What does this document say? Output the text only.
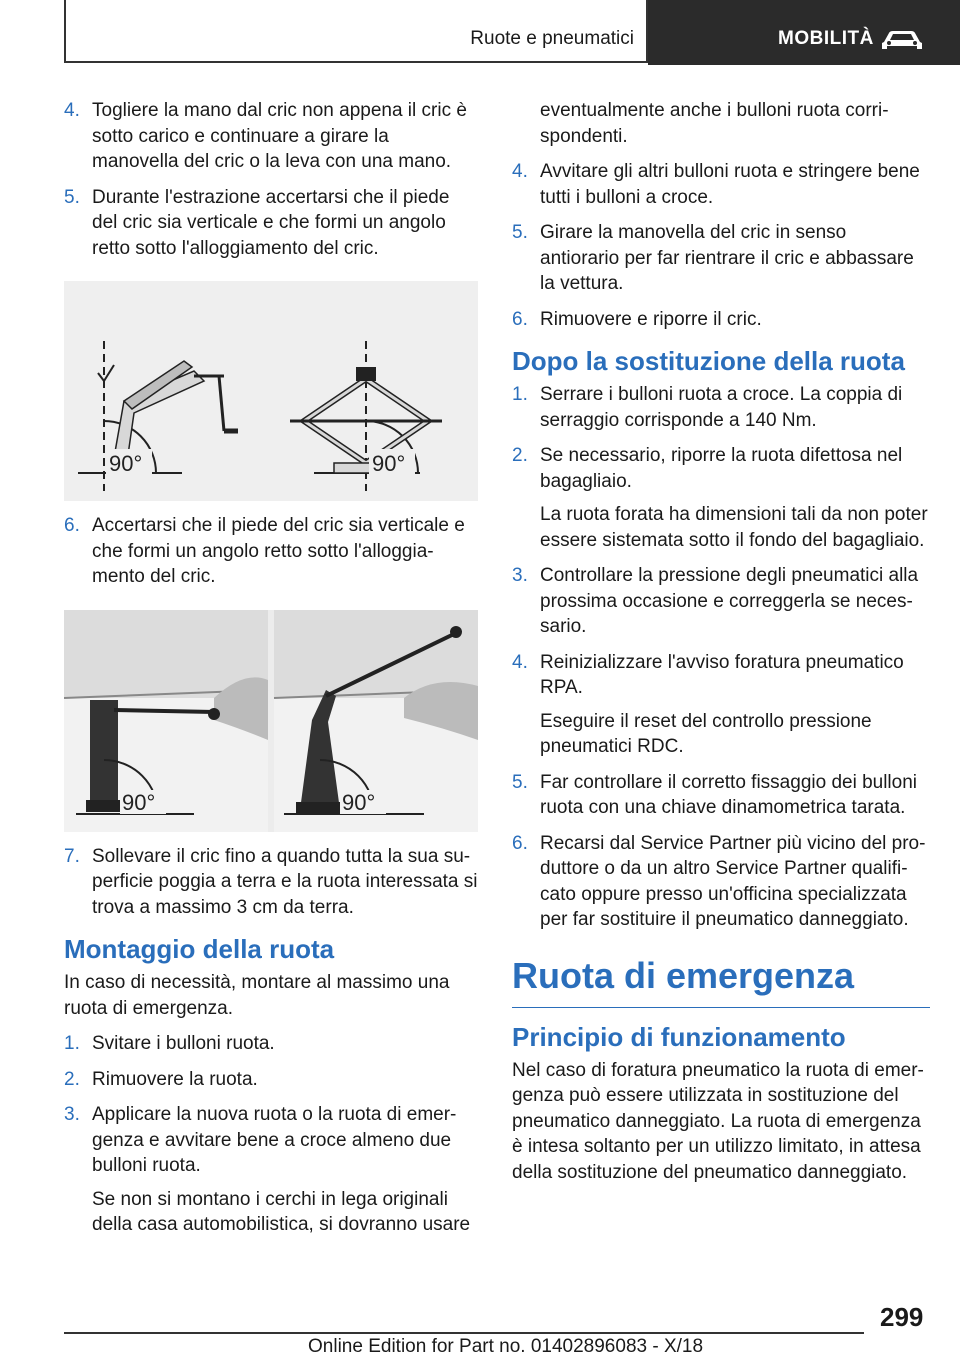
Ruote e pneumatici	MOBILITÀ
4. Togliere la mano dal cric non appena il cric è sotto carico e continuare a girare la manovella del cric o la leva con una mano.
5. Durante l'estrazione accertarsi che il piede del cric sia verticale e che formi un angolo retto sotto l'alloggiamento del cric.
90°	90°
6. Accertarsi che il piede del cric sia verticale e che formi un angolo retto sotto l'alloggiamento del cric.
90°	90°
7. Sollevare il cric fino a quando tutta la sua superficie poggia a terra e la ruota interessata si trova a massimo 3 cm da terra.
Montaggio della ruota
In caso di necessità, montare al massimo una ruota di emergenza.
1. Svitare i bulloni ruota.
2. Rimuovere la ruota.
3. Applicare la nuova ruota o la ruota di emergenza e avvitare bene a croce almeno due bulloni ruota.
Se non si montano i cerchi in lega originali della casa automobilistica, si dovranno usare
eventualmente anche i bulloni ruota corrispondenti.
4. Avvitare gli altri bulloni ruota e stringere bene tutti i bulloni a croce.
5. Girare la manovella del cric in senso antiorario per far rientrare il cric e abbassare la vettura.
6. Rimuovere e riporre il cric.
Dopo la sostituzione della ruota
1. Serrare i bulloni ruota a croce. La coppia di serraggio corrisponde a 140 Nm.
2. Se necessario, riporre la ruota difettosa nel bagagliaio.
La ruota forata ha dimensioni tali da non poter essere sistemata sotto il fondo del bagagliaio.
3. Controllare la pressione degli pneumatici alla prossima occasione e correggerla se necessario.
4. Reinizializzare l'avviso foratura pneumatico RPA.
Eseguire il reset del controllo pressione pneumatici RDC.
5. Far controllare il corretto fissaggio dei bulloni ruota con una chiave dinamometrica tarata.
6. Recarsi dal Service Partner più vicino del produttore o da un altro Service Partner qualificato oppure presso un'officina specializzata per far sostituire il pneumatico danneggiato.
Ruota di emergenza
Principio di funzionamento
Nel caso di foratura pneumatico la ruota di emergenza può essere utilizzata in sostituzione del pneumatico danneggiato. La ruota di emergenza è intesa soltanto per un utilizzo limitato, in attesa della sostituzione del pneumatico danneggiato.
299
Online Edition for Part no. 01402896083 - X/18
